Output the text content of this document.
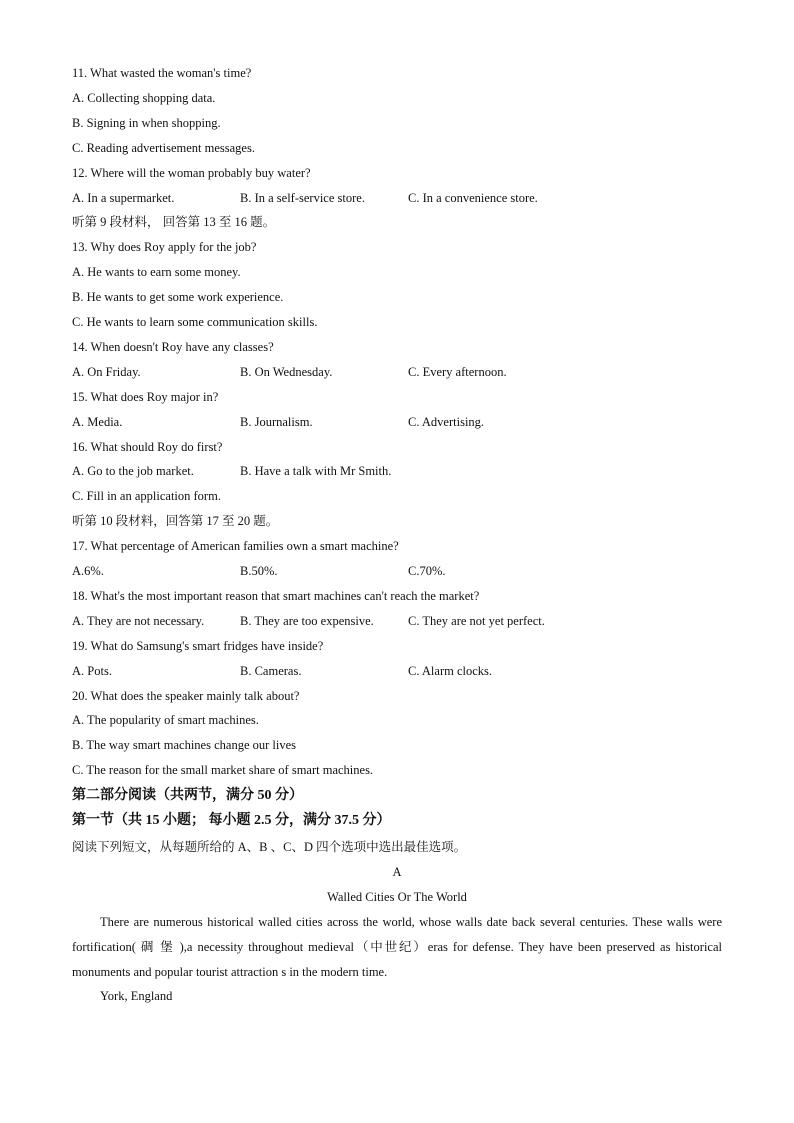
11. What wasted the woman's time?
A. Collecting shopping data.
B. Signing in when shopping.
C. Reading advertisement messages.
12. Where will the woman probably buy water?
A. In a supermarket.	B. In a self-service store.	C. In a convenience store.
听第 9 段材料， 回答第 13 至 16 题。
13. Why does Roy apply for the job?
A. He wants to earn some money.
B. He wants to get some work experience.
C. He wants to learn some communication skills.
14. When doesn't Roy have any classes?
A. On Friday.	B. On Wednesday.	C. Every afternoon.
15. What does Roy major in?
A. Media.	B. Journalism.	C. Advertising.
16. What should Roy do first?
A. Go to the job market.	B. Have a talk with Mr Smith.
C. Fill in an application form.
听第 10 段材料，回答第 17 至 20 题。
17. What percentage of American families own a smart machine?
A.6%.	B.50%.	C.70%.
18. What's the most important reason that smart machines can't reach the market?
A. They are not necessary.	B. They are too expensive.	C. They are not yet perfect.
19. What do Samsung's smart fridges have inside?
A. Pots.	B. Cameras.	C. Alarm clocks.
20. What does the speaker mainly talk about?
A. The popularity of smart machines.
B. The way smart machines change our lives
C. The reason for the small market share of smart machines.
第二部分阅读（共两节，满分 50 分）
第一节（共 15 小题； 每小题 2.5 分，满分 37.5 分）
阅读下列短文，从每题所给的 A、B 、C、D 四个选项中选出最佳选项。
A
Walled Cities Or The World
There are numerous historical walled cities across the world, whose walls date back several centuries. These walls were fortification( 碉 堡 ),a necessity throughout medieval（中世纪）eras for defense. They have been preserved as historical monuments and popular tourist attraction s in the modern time.
York, England
